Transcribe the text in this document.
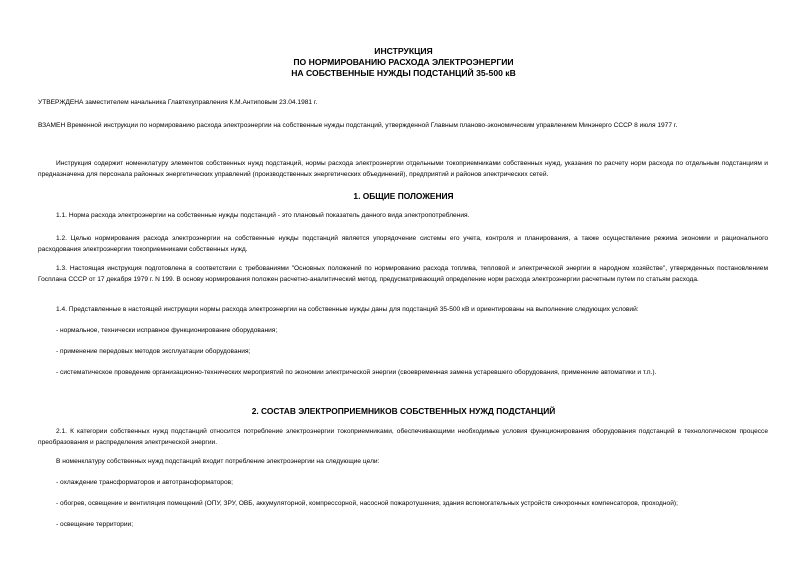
ИНСТРУКЦИЯ
ПО НОРМИРОВАНИЮ РАСХОДА ЭЛЕКТРОЭНЕРГИИ
НА СОБСТВЕННЫЕ НУЖДЫ ПОДСТАНЦИЙ 35-500 кВ
УТВЕРЖДЕНА заместителем начальника Главтехуправления К.М.Антиповым 23.04.1981 г.
ВЗАМЕН Временной инструкции по нормированию расхода электроэнергии на собственные нужды подстанций, утвержденной Главным планово-экономическим управлением Минэнерго СССР 8 июля 1977 г.
Инструкция содержит номенклатуру элементов собственных нужд подстанций, нормы расхода электроэнергии отдельными токоприемниками собственных нужд, указания по расчету норм расхода по отдельным подстанциям и предназначена для персонала районных энергетических управлений (производственных энергетических объединений), предприятий и районов электрических сетей.
1. ОБЩИЕ ПОЛОЖЕНИЯ
1.1. Норма расхода электроэнергии на собственные нужды подстанций - это плановый показатель данного вида электропотребления.
1.2. Целью нормирования расхода электроэнергии на собственные нужды подстанций является упорядочение системы его учета, контроля и планирования, а также осуществление режима экономии и рационального расходования электроэнергии токоприемниками собственных нужд.
1.3. Настоящая инструкция подготовлена в соответствии с требованиями "Основных положений по нормированию расхода топлива, тепловой и электрической энергии в народном хозяйстве", утвержденных постановлением Госплана СССР от 17 декабря 1979 г. N 199. В основу нормирования положен расчетно-аналитический метод, предусматривающий определение норм расхода электроэнергии расчетным путем по статьям расхода.
1.4. Представленные в настоящей инструкции нормы расхода электроэнергии на собственные нужды даны для подстанций 35-500 кВ и ориентированы на выполнение следующих условий:
- нормальное, технически исправное функционирование оборудования;
- применение передовых методов эксплуатации оборудования;
- систематическое проведение организационно-технических мероприятий по экономии электрической энергии (своевременная замена устаревшего оборудования, применение автоматики и т.п.).
2. СОСТАВ ЭЛЕКТРОПРИЕМНИКОВ СОБСТВЕННЫХ НУЖД ПОДСТАНЦИЙ
2.1. К категории собственных нужд подстанций относится потребление электроэнергии токоприемниками, обеспечивающими необходимые условия функционирования оборудования подстанций в технологическом процессе преобразования и распределения электрической энергии.
В номенклатуру собственных нужд подстанций входит потребление электроэнергии на следующие цели:
- охлаждение трансформаторов и автотрансформаторов;
- обогрев, освещение и вентиляция помещений (ОПУ, ЗРУ, ОВБ, аккумуляторной, компрессорной, насосной пожаротушения, здания вспомогательных устройств синхронных компенсаторов, проходной);
- освещение территории;
